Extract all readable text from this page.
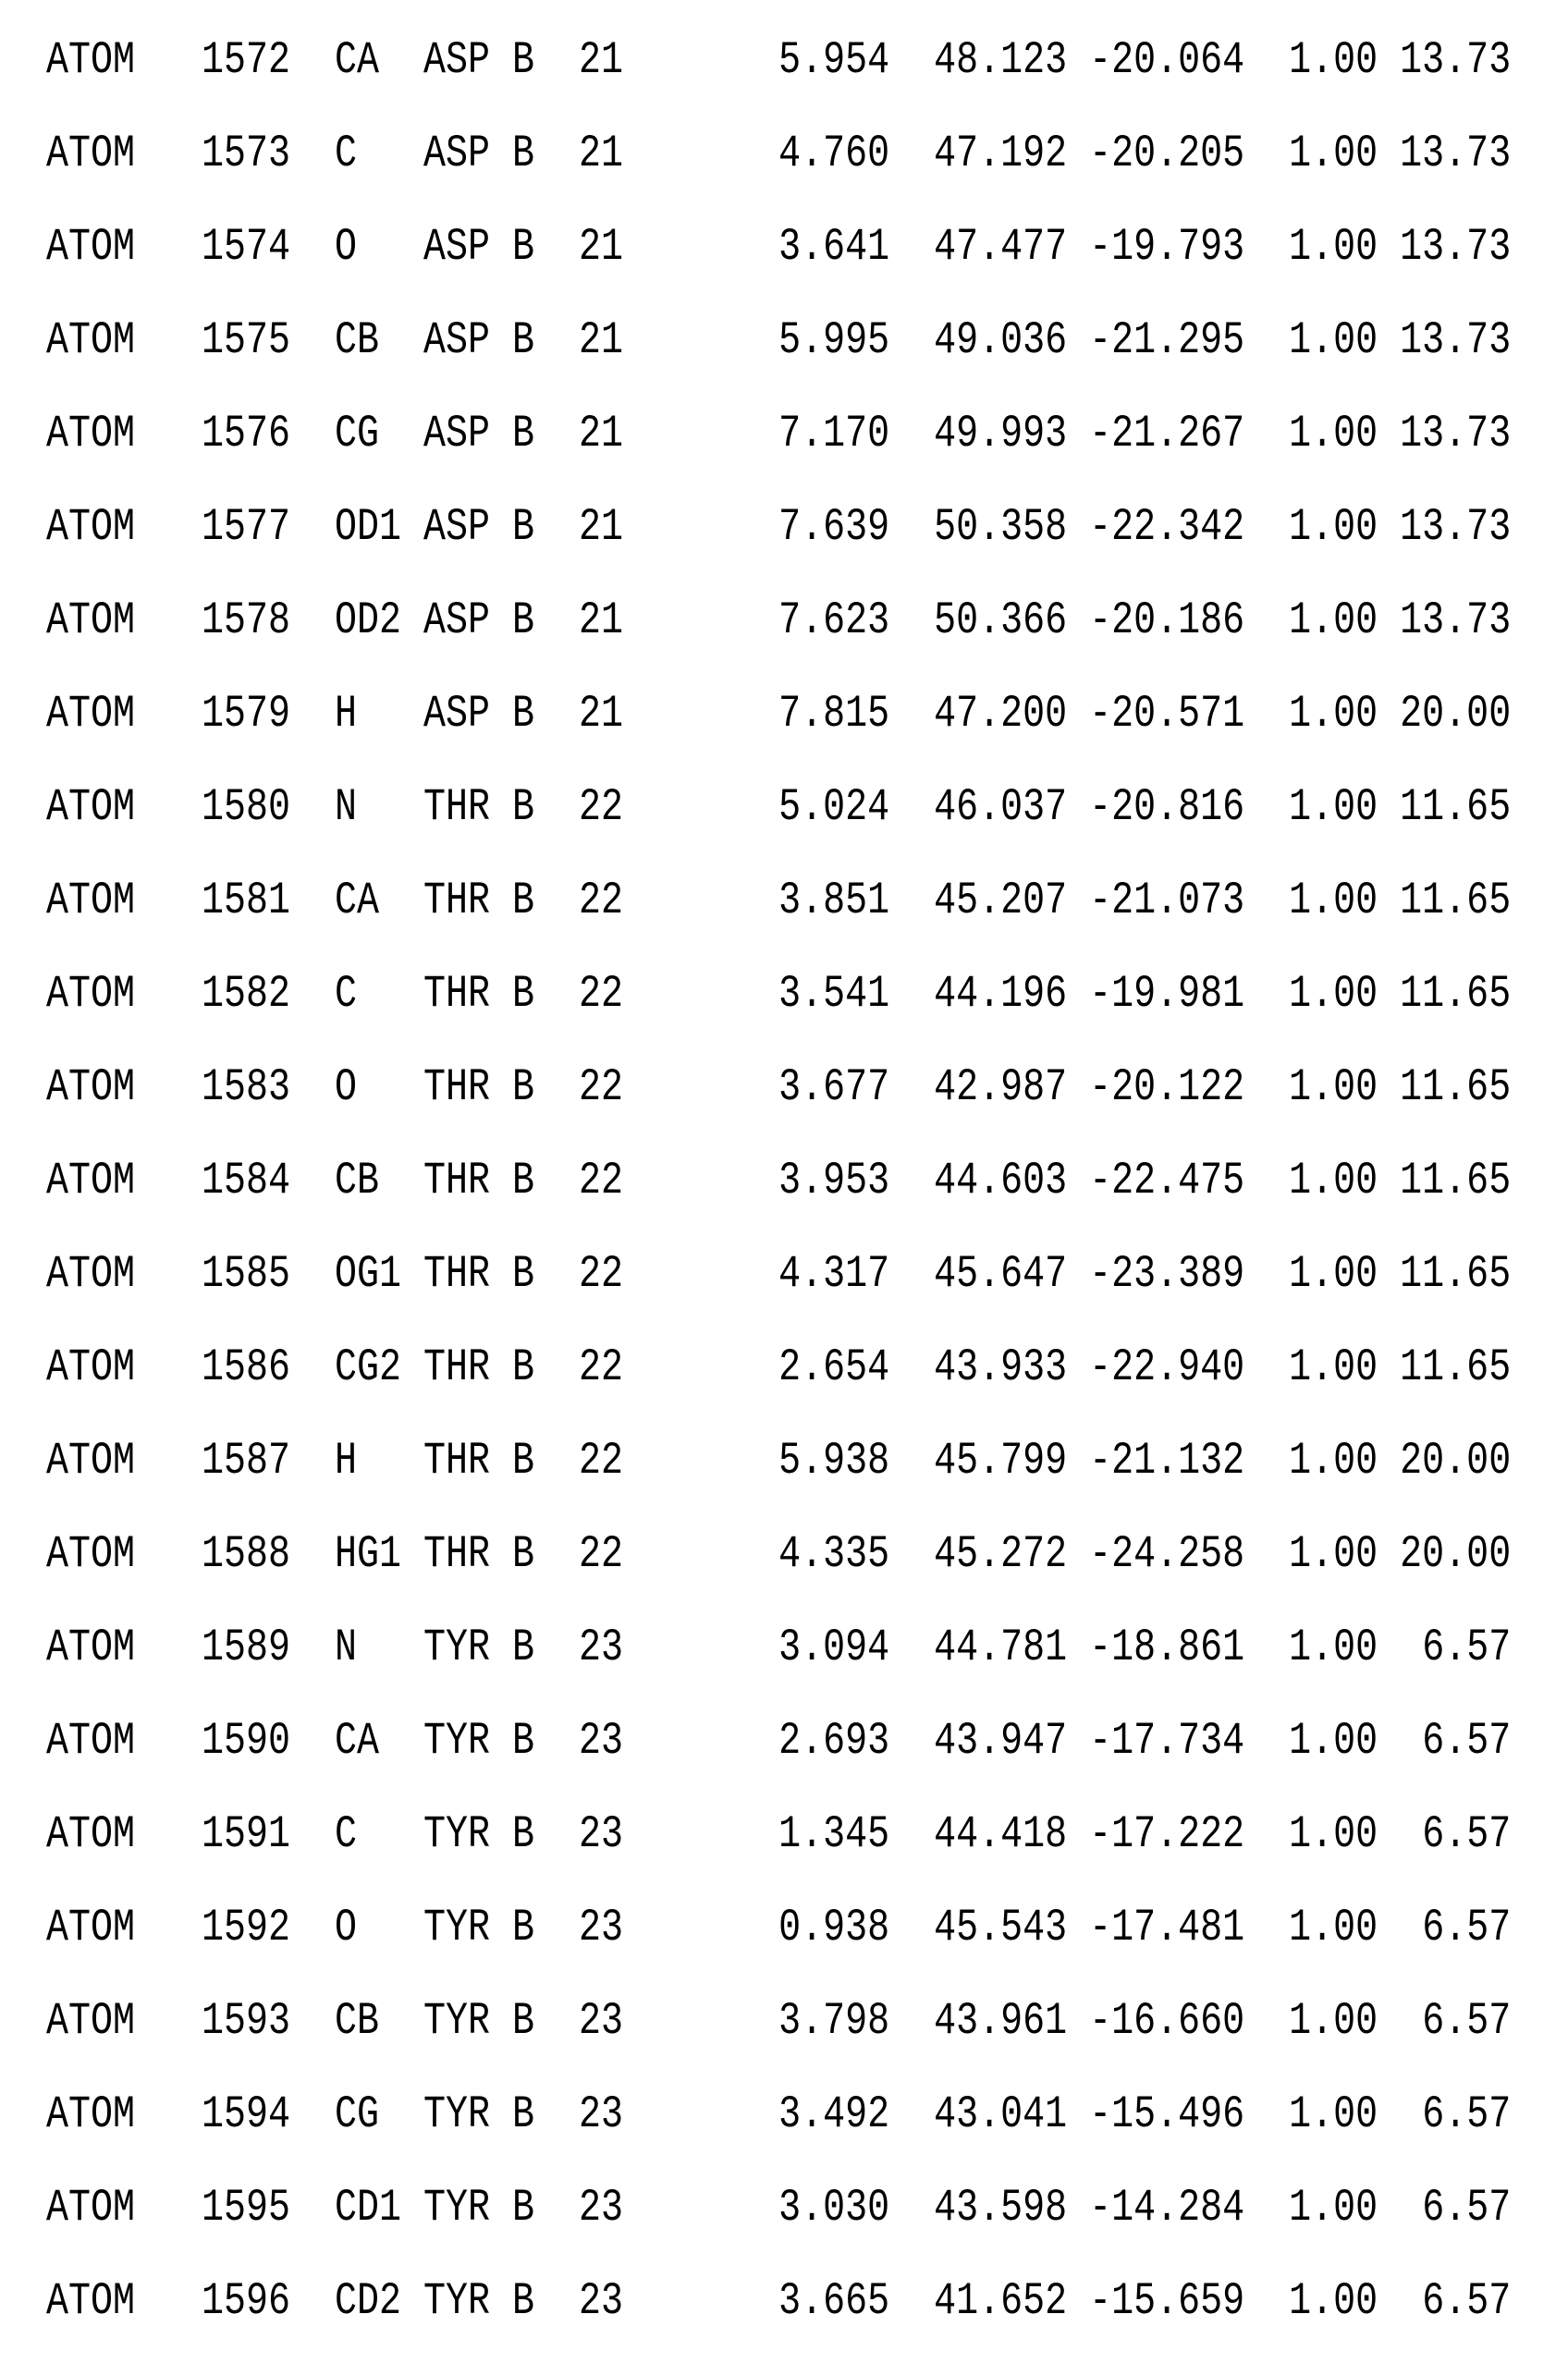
ATOM 1572 CA ASP B 21	5.954 48.123 -20.064 1.00 13.73
ATOM 1573 C ASP B 21	4.760 47.192 -20.205 1.00 13.73
ATOM 1574 O ASP B 21	3.641 47.477 -19.793 1.00 13.73
ATOM 1575 CB ASP B 21	5.995 49.036 -21.295 1.00 13.73
ATOM 1576 CG ASP B 21	7.170 49.993 -21.267 1.00 13.73
ATOM 1577 OD1 ASP B 21	7.639 50.358 -22.342 1.00 13.73
ATOM 1578 OD2 ASP B 21	7.623 50.366 -20.186 1.00 13.73
ATOM 1579 H ASP B 21	7.815 47.200 -20.571 1.00 20.00
ATOM 1580 N THR B 22	5.024 46.037 -20.816 1.00 11.65
ATOM 1581 CA THR B 22	3.851 45.207 -21.073 1.00 11.65
ATOM 1582 C THR B 22	3.541 44.196 -19.981 1.00 11.65
ATOM 1583 O THR B 22	3.677 42.987 -20.122 1.00 11.65
ATOM 1584 CB THR B 22	3.953 44.603 -22.475 1.00 11.65
ATOM 1585 OG1 THR B 22	4.317 45.647 -23.389 1.00 11.65
ATOM 1586 CG2 THR B 22	2.654 43.933 -22.940 1.00 11.65
ATOM 1587 H THR B 22	5.938 45.799 -21.132 1.00 20.00
ATOM 1588 HG1 THR B 22	4.335 45.272 -24.258 1.00 20.00
ATOM 1589 N TYR B 23	3.094 44.781 -18.861 1.00 6.57
ATOM 1590 CA TYR B 23	2.693 43.947 -17.734 1.00 6.57
ATOM 1591 C TYR B 23	1.345 44.418 -17.222 1.00 6.57
ATOM 1592 O TYR B 23	0.938 45.543 -17.481 1.00 6.57
ATOM 1593 CB TYR B 23	3.798 43.961 -16.660 1.00 6.57
ATOM 1594 CG TYR B 23	3.492 43.041 -15.496 1.00 6.57
ATOM 1595 CD1 TYR B 23	3.030 43.598 -14.284 1.00 6.57
ATOM 1596 CD2 TYR B 23	3.665 41.652 -15.659 1.00 6.57
